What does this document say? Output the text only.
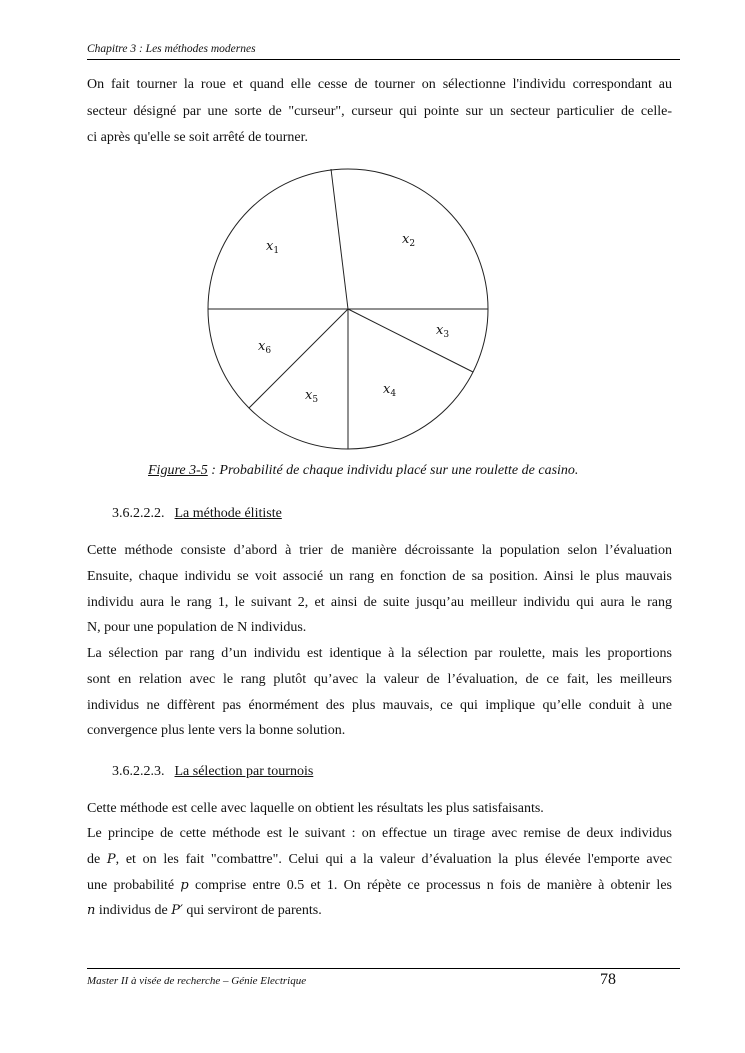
Chapitre 3 : Les méthodes modernes

On fait tourner la roue et quand elle cesse de tourner on sélectionne l'individu correspondant au

secteur désigné par une sorte de "curseur", curseur qui pointe sur un secteur particulier de celle-

ci après qu'elle se soit arrêté de tourner.

$x_1$
$x_2$
$x_3$
$x_4$
$x_5$
$x_6$
Figure 3-5 : Probabilité de chaque individu placé sur une roulette de casino.
3.6.2.2.2. La méthode élitiste

Cette méthode consiste d’abord à trier de manière décroissante la population selon l’évaluation

Ensuite, chaque individu se voit associé un rang en fonction de sa position. Ainsi le plus mauvais

individu aura le rang 1, le suivant 2, et ainsi de suite jusqu’au meilleur individu qui aura le rang

N, pour une population de N individus.

La sélection par rang d’un individu est identique à la sélection par roulette, mais les proportions

sont en relation avec le rang plutôt qu’avec la valeur de l’évaluation, de ce fait, les meilleurs

individus ne diffèrent pas énormément des plus mauvais, ce qui implique qu’elle conduit à une

convergence plus lente vers la bonne solution.

3.6.2.2.3. La sélection par tournois

Cette méthode est celle avec laquelle on obtient les résultats les plus satisfaisants.

Le principe de cette méthode est le suivant : on effectue un tirage avec remise de deux individus

de P, et on les fait "combattre". Celui qui a la valeur d’évaluation la plus élevée l'emporte avec

une probabilité p comprise entre 0.5 et 1. On répète ce processus n fois de manière à obtenir les

n individus de P′ qui serviront de parents.

Master II à visée de recherche – Génie Electrique	78
